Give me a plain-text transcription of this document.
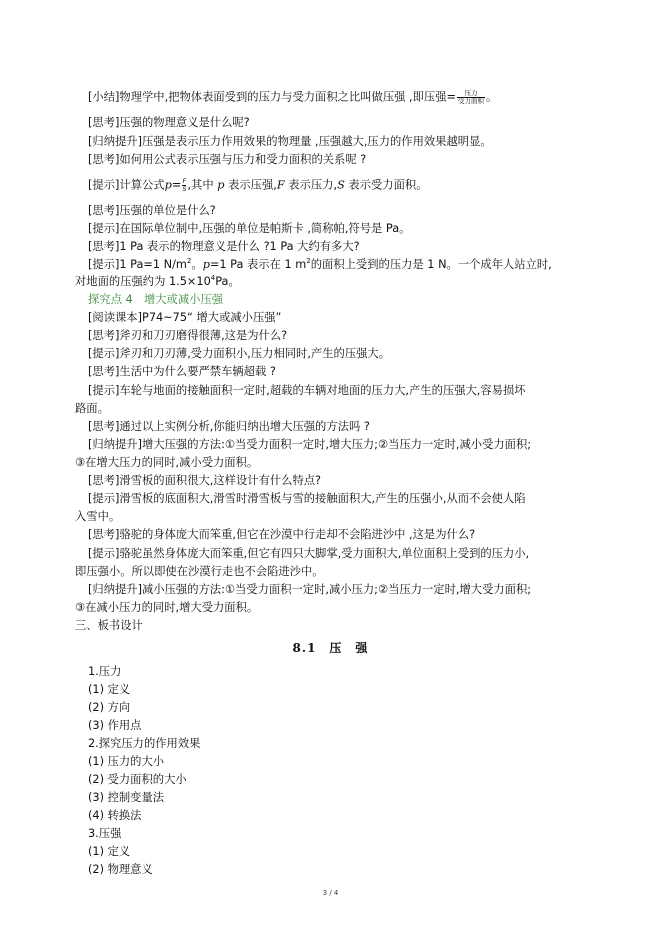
[小结]物理学中,把物体表面受到的压力与受力面积之比叫做压强 ,即压强= $\frac{\text{压力}}{\text{受力面积}}$ 。
[思考]压强的物理意义是什么呢?
[归纳提升]压强是表示压力作用效果的物理量 ,压强越大,压力的作用效果越明显。
[思考]如何用公式表示压强与压力和受力面积的关系呢 ?
[提示]计算公式$p= \frac{F}{S}$ ,其中 p 表示压强,F 表示压力,S 表示受力面积。
[思考]压强的单位是什么?
[提示]在国际单位制中,压强的单位是帕斯卡 ,简称帕,符号是 Pa。
[思考]1 Pa 表示的物理意义是什么 ?1 Pa 大约有多大?
[提示]1 Pa=1 $N/m^2$。p=1 Pa 表示在 1 $m^2$的面积上受到的压力是 1 N。一个成年人站立时,
对地面的压强约为 $1.5\times 10^4Pa$。
探究点 4　增大或减小压强
[阅读课本]P74~75“ 增大或减小压强”
[思考]斧刃和刀刃磨得很薄,这是为什么?
[提示]斧刃和刀刃薄,受力面积小,压力相同时,产生的压强大。
[思考]生活中为什么要严禁车辆超载 ?
[提示]车轮与地面的接触面积一定时,超载的车辆对地面的压力大,产生的压强大,容易损坏
路面。
[思考]通过以上实例分析,你能归纳出增大压强的方法吗 ?
[归纳提升]增大压强的方法:①当受力面积一定时,增大压力;②当压力一定时,减小受力面积;
③在增大压力的同时,减小受力面积。
[思考]滑雪板的面积很大,这样设计有什么特点?
[提示]滑雪板的底面积大,滑雪时滑雪板与雪的接触面积大,产生的压强小,从而不会使人陷
入雪中。
[思考]骆驼的身体庞大而笨重,但它在沙漠中行走却不会陷进沙中 ,这是为什么?
[提示]骆驼虽然身体庞大而笨重,但它有四只大脚掌,受力面积大,单位面积上受到的压力小,
即压强小。所以即使在沙漠行走也不会陷进沙中。
[归纳提升]减小压强的方法:①当受力面积一定时,减小压力;②当压力一定时,增大受力面积;
③在减小压力的同时,增大受力面积。
三、板书设计
8.1　压　强
1.压力
(1) 定义
(2) 方向
(3) 作用点
2.探究压力的作用效果
(1) 压力的大小
(2) 受力面积的大小
(3) 控制变量法
(4) 转换法
3.压强
(1) 定义
(2) 物理意义
3 / 4
